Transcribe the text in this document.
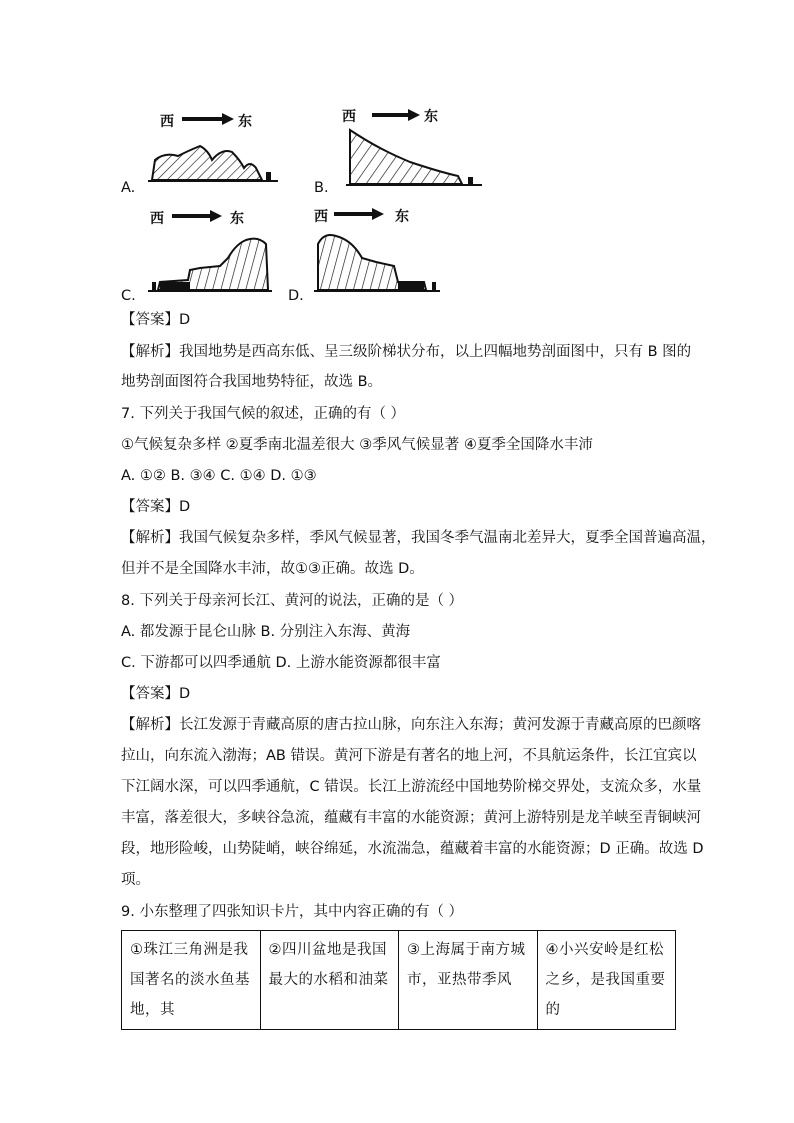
西	东	西	东
西	东	西	东
A.	B.
C.	D.
【答案】D
【解析】我国地势是西高东低、呈三级阶梯状分布，以上四幅地势剖面图中，只有 B 图的
地势剖面图符合我国地势特征，故选 B。
7. 下列关于我国气候的叙述，正确的有（ ）
①气候复杂多样 ②夏季南北温差很大 ③季风气候显著 ④夏季全国降水丰沛
A. ①② B. ③④ C. ①④ D. ①③
【答案】D
【解析】我国气候复杂多样，季风气候显著，我国冬季气温南北差异大，夏季全国普遍高温，
但并不是全国降水丰沛，故①③正确。故选 D。
8. 下列关于母亲河长江、黄河的说法，正确的是（ ）
A. 都发源于昆仑山脉 B. 分别注入东海、黄海
C. 下游都可以四季通航 D. 上游水能资源都很丰富
【答案】D
【解析】长江发源于青藏高原的唐古拉山脉，向东注入东海；黄河发源于青藏高原的巴颜喀
拉山，向东流入渤海；AB 错误。黄河下游是有著名的地上河，不具航运条件，长江宜宾以
下江阔水深，可以四季通航，C 错误。长江上游流经中国地势阶梯交界处，支流众多，水量
丰富，落差很大，多峡谷急流，蕴藏有丰富的水能资源；黄河上游特别是龙羊峡至青铜峡河
段，地形险峻，山势陡峭，峡谷绵延，水流湍急，蕴藏着丰富的水能资源；D 正确。故选 D
项。
9. 小东整理了四张知识卡片，其中内容正确的有（ ）
①珠江三角洲是我国著名的淡水鱼基地，其

②四川盆地是我国最大的水稻和油菜

③上海属于南方城市，亚热带季风

④小兴安岭是红松之乡，是我国重要的
